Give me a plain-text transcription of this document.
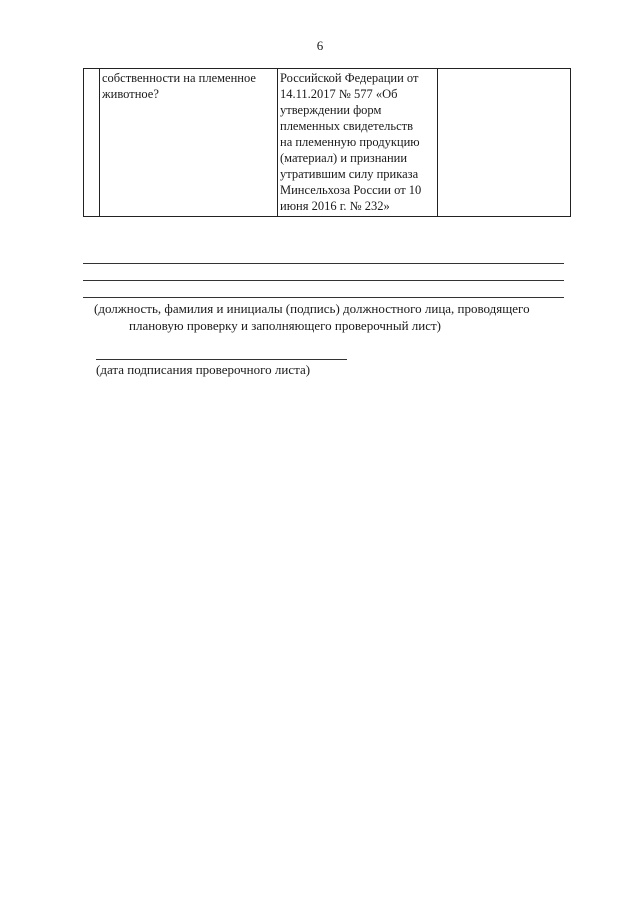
6

собственности на племенное
животное?

Российской Федерации от
14.11.2017 № 577 «Об
утверждении форм
племенных свидетельств
на племенную продукцию
(материал) и признании
утратившим силу приказа
Минсельхоза России от 10
июня 2016 г. № 232»

(должность, фамилия и инициалы (подпись) должностного лица, проводящего
плановую проверку и заполняющего проверочный лист)
(дата подписания проверочного листа)
